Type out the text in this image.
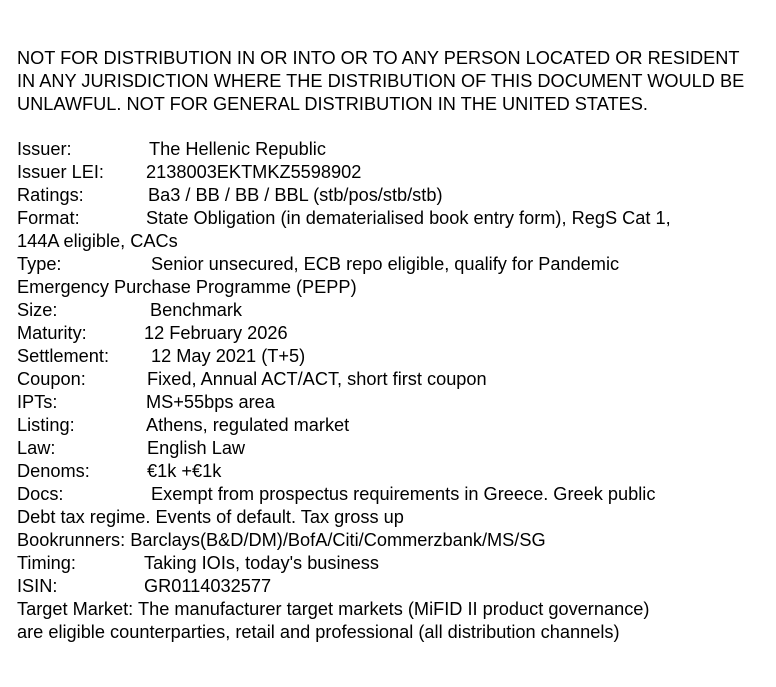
NOT FOR DISTRIBUTION IN OR INTO OR TO ANY PERSON LOCATED OR RESIDENT IN ANY JURISDICTION WHERE THE DISTRIBUTION OF THIS DOCUMENT WOULD BE UNLAWFUL. NOT FOR GENERAL DISTRIBUTION IN THE UNITED STATES.
Issuer:	The Hellenic Republic
Issuer LEI: 2138003EKTMKZ5598902
Ratings:	Ba3 / BB / BB / BBL (stb/pos/stb/stb)
Format:	State Obligation (in dematerialised book entry form), RegS Cat 1,
144A eligible, CACs
Type:	Senior unsecured, ECB repo eligible, qualify for Pandemic
Emergency Purchase Programme (PEPP)
Size:	Benchmark
Maturity:	12 February 2026
Settlement: 12 May 2021 (T+5)
Coupon:	Fixed, Annual ACT/ACT, short first coupon
IPTs:	MS+55bps area
Listing:	Athens, regulated market
Law:	English Law
Denoms:	€1k +€1k
Docs:	Exempt from prospectus requirements in Greece. Greek public
Debt tax regime. Events of default. Tax gross up
Bookrunners: Barclays(B&D/DM)/BofA/Citi/Commerzbank/MS/SG
Timing:	Taking IOIs, today's business
ISIN:	GR0114032577
Target Market: The manufacturer target markets (MiFID II product governance)
are eligible counterparties, retail and professional (all distribution channels)
